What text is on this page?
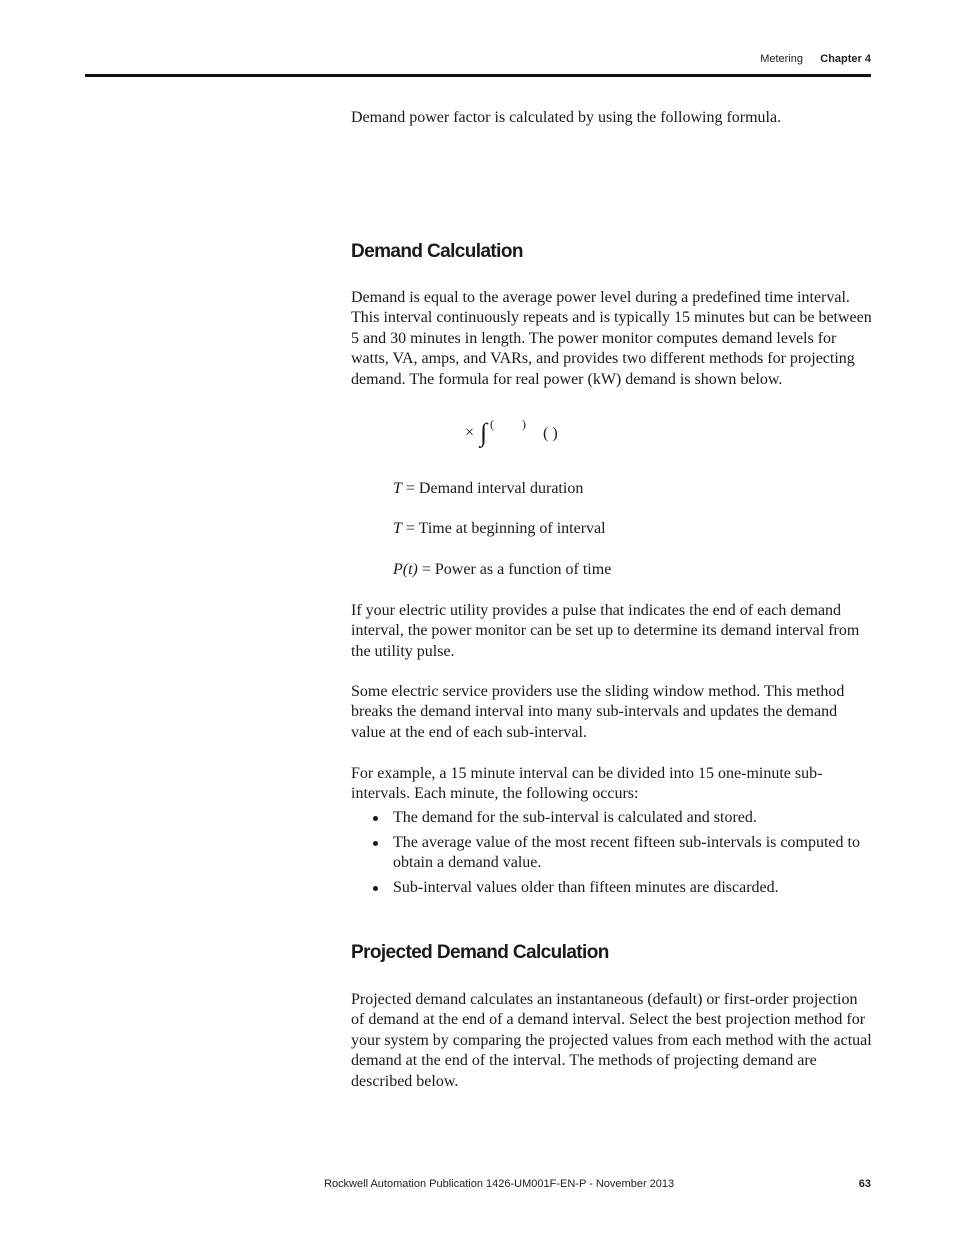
Metering Chapter 4

Demand power factor is calculated by using the following formula.

Demand Calculation

Demand is equal to the average power level during a predefined time interval. This interval continuously repeats and is typically 15 minutes but can be between 5 and 30 minutes in length. The power monitor computes demand levels for watts, VA, amps, and VARs, and provides two different methods for projecting demand. The formula for real power (kW) demand is shown below.

× ∫ ( )
( )
T = Demand interval duration
T = Time at beginning of interval
P(t) = Power as a function of time

If your electric utility provides a pulse that indicates the end of each demand interval, the power monitor can be set up to determine its demand interval from the utility pulse.

Some electric service providers use the sliding window method. This method breaks the demand interval into many sub-intervals and updates the demand value at the end of each sub-interval.

For example, a 15 minute interval can be divided into 15 one-minute sub-intervals. Each minute, the following occurs:

The demand for the sub-interval is calculated and stored.
The average value of the most recent fifteen sub-intervals is computed to obtain a demand value.
Sub-interval values older than fifteen minutes are discarded.
Projected Demand Calculation

Projected demand calculates an instantaneous (default) or first-order projection of demand at the end of a demand interval. Select the best projection method for your system by comparing the projected values from each method with the actual demand at the end of the interval. The methods of projecting demand are described below.

Rockwell Automation Publication 1426-UM001F-EN-P - November 2013	63
